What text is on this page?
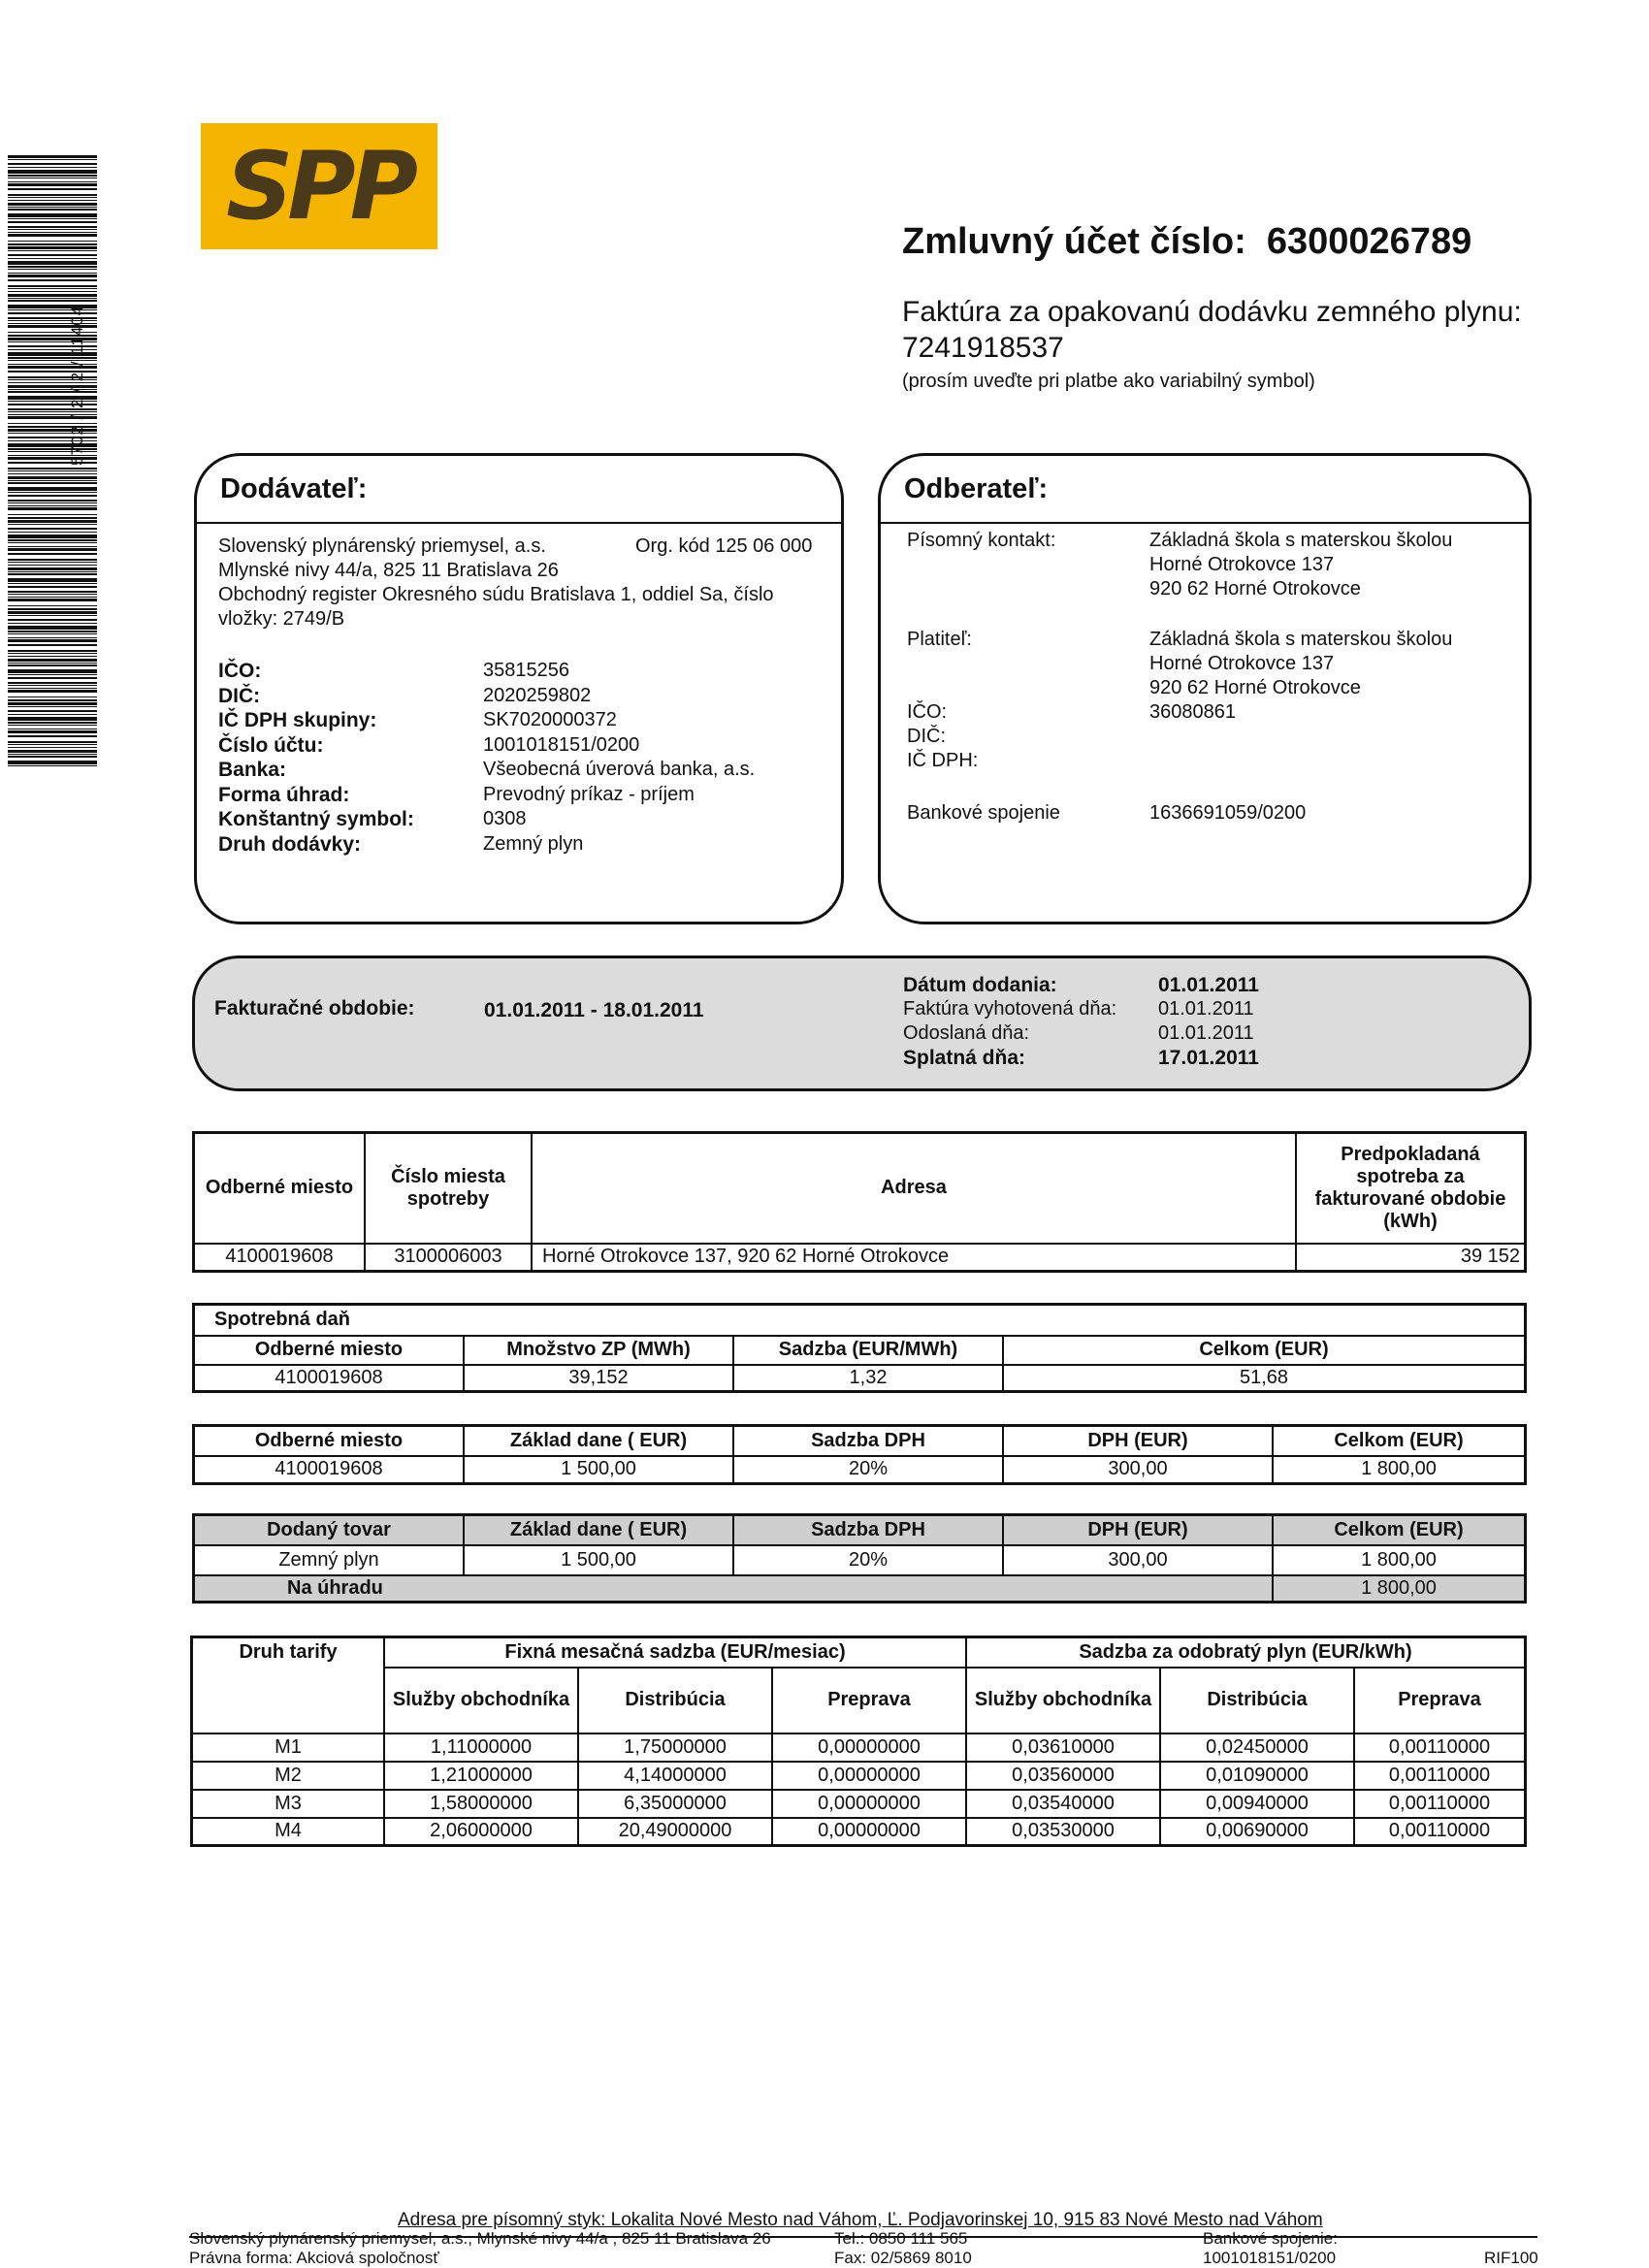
5702 / 2 / 2 / 11404
SPP
Zmluvný účet číslo: 6300026789
Faktúra za opakovanú dodávku zemného plynu:
7241918537
(prosím uveďte pri platbe ako variabilný symbol)
Dodávateľ:
Slovenský plynárenský priemysel, a.s.	Org. kód 125 06 000
Mlynské nivy 44/a, 825 11 Bratislava 26
Obchodný register Okresného súdu Bratislava 1, oddiel Sa, číslo
vložky: 2749/B
IČO:	35815256
DIČ:	2020259802
IČ DPH skupiny:	SK7020000372
Číslo účtu:	1001018151/0200
Banka:	Všeobecná úverová banka, a.s.
Forma úhrad:	Prevodný príkaz - príjem
Konštantný symbol:	0308
Druh dodávky:	Zemný plyn
Odberateľ:
Písomný kontakt:	Základná škola s materskou školou
Horné Otrokovce 137
920 62 Horné Otrokovce
Platiteľ:	Základná škola s materskou školou
Horné Otrokovce 137
920 62 Horné Otrokovce
IČO:	36080861
DIČ:
IČ DPH:
Bankové spojenie	1636691059/0200
Fakturačné obdobie:	01.01.2011 - 18.01.2011
Dátum dodania:	01.01.2011
Faktúra vyhotovená dňa: 01.01.2011
Odoslaná dňa:	01.01.2011
Splatná dňa:	17.01.2011
Odberné miesto	Číslo miesta spotreby	Adresa	Predpokladaná spotreba za fakturované obdobie (kWh)
4100019608	3100006003	Horné Otrokovce 137, 920 62 Horné Otrokovce	39 152
Spotrebná daň			
Odberné miesto	Množstvo ZP (MWh)	Sadzba (EUR/MWh)	Celkom (EUR)
4100019608	39,152	1,32	51,68
Odberné miesto	Základ dane ( EUR)	Sadzba DPH	DPH (EUR)	Celkom (EUR)
4100019608	1 500,00	20%	300,00	1 800,00
Dodaný tovar	Základ dane ( EUR)	Sadzba DPH	DPH (EUR)	Celkom (EUR)
Zemný plyn	1 500,00	20%	300,00	1 800,00
Na úhradu				1 800,00
Druh tarify	Fixná mesačná sadzba (EUR/mesiac)			Sadzba za odobratý plyn (EUR/kWh)		
	Služby obchodníka	Distribúcia	Preprava	Služby obchodníka	Distribúcia	Preprava
M1	1,11000000	1,75000000	0,00000000	0,03610000	0,02450000	0,00110000
M2	1,21000000	4,14000000	0,00000000	0,03560000	0,01090000	0,00110000
M3	1,58000000	6,35000000	0,00000000	0,03540000	0,00940000	0,00110000
M4	2,06000000	20,49000000	0,00000000	0,03530000	0,00690000	0,00110000
Adresa pre písomný styk: Lokalita Nové Mesto nad Váhom, Ľ. Podjavorinskej 10, 915 83 Nové Mesto nad Váhom
Slovenský plynárenský priemysel, a.s., Mlynské nivy 44/a , 825 11 Bratislava 26
Právna forma: Akciová spoločnosť
Tel.: 0850 111 565
Fax: 02/5869 8010
Bankové spojenie:
1001018151/0200	RIF100
